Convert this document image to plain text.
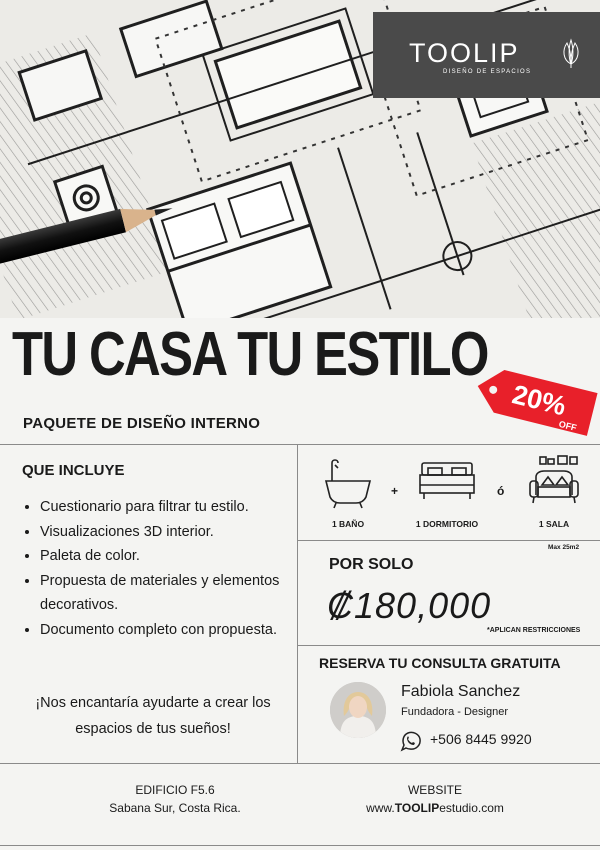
TOOLIP
DISEÑO DE ESPACIOS
TU CASA TU ESTILO
20%
OFF
PAQUETE DE DISEÑO INTERNO
QUE INCLUYE
• Cuestionario para filtrar tu estilo.
• Visualizaciones 3D interior.
• Paleta de color.
• Propuesta de materiales y elementos decorativos.
• Documento completo con propuesta.
¡Nos encantaría ayudarte a crear los espacios de tus sueños!
1 BAÑO
+
1 DORMITORIO
ó
1 SALA
Max 25m2
POR SOLO
₡180,000
*APLICAN RESTRICCIONES
RESERVA TU CONSULTA GRATUITA
Fabiola Sanchez
Fundadora - Designer
+506 8445 9920
EDIFICIO F5.6
Sabana Sur, Costa Rica.
WEBSITE
www.TOOLIPestudio.com
